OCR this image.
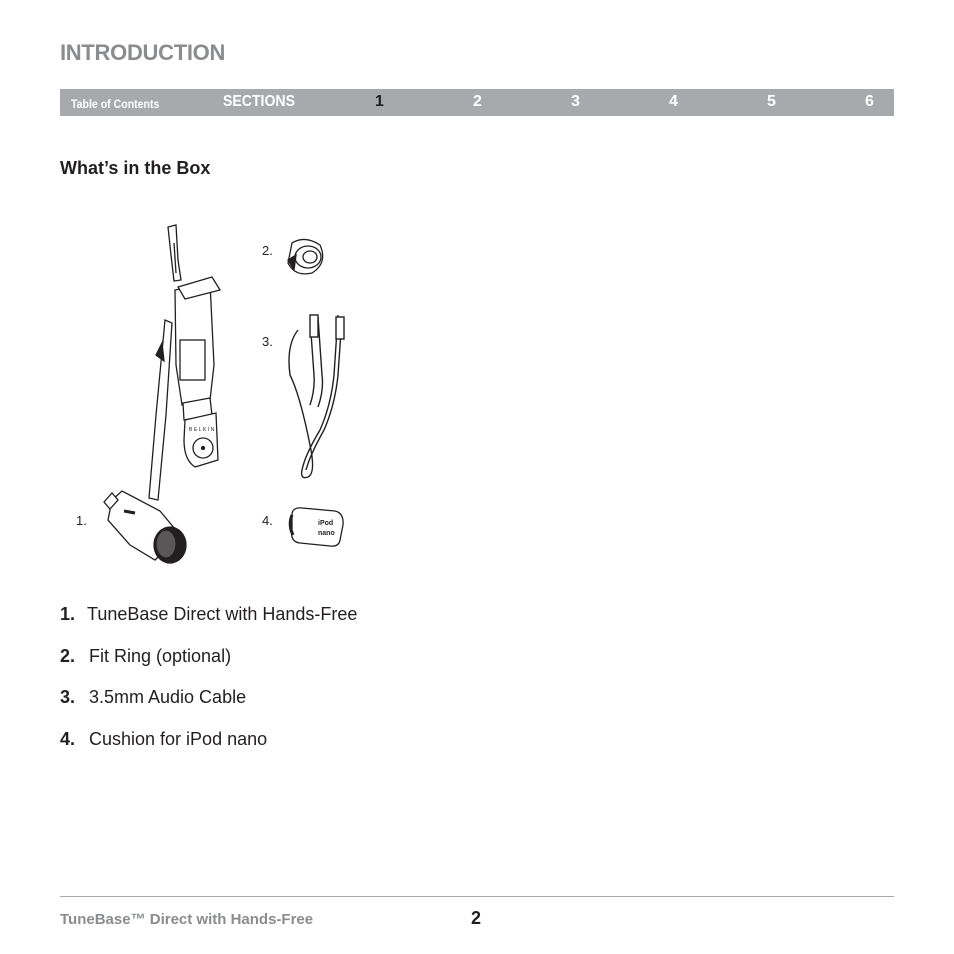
INTRODUCTION
Table of Contents	SECTIONS	1	2	3	4	5	6
What’s in the Box
BELKIN
iPod
nano
1.
2.
3.
4.
1. TuneBase Direct with Hands-Free
2. Fit Ring (optional)
3. 3.5mm Audio Cable
4. Cushion for iPod nano
TuneBase™ Direct with Hands-Free	2
